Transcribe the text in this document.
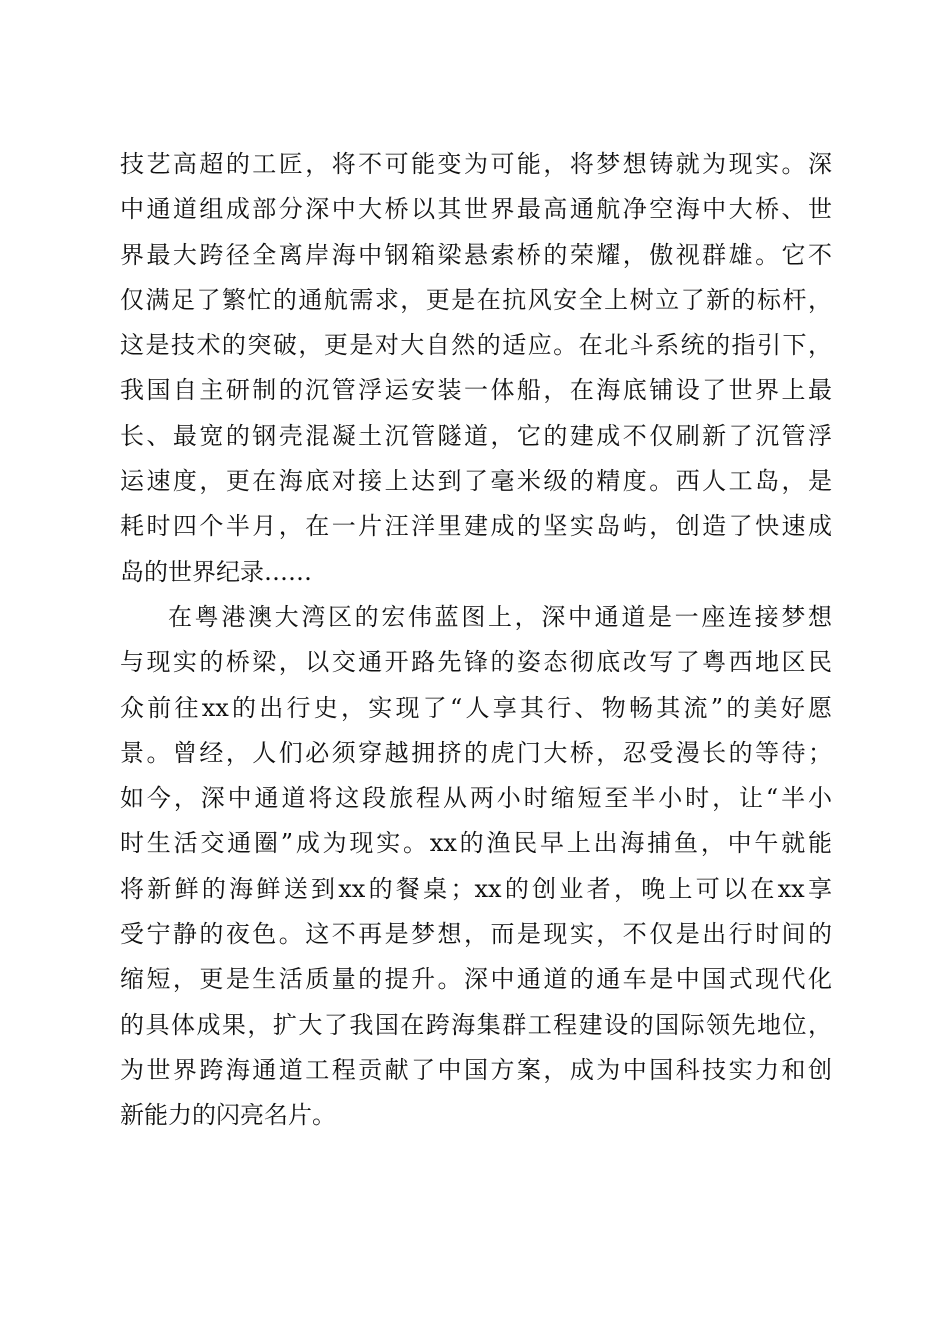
技艺高超的工匠，将不可能变为可能，将梦想铸就为现实。深
中通道组成部分深中大桥以其世界最高通航净空海中大桥、世
界最大跨径全离岸海中钢箱梁悬索桥的荣耀，傲视群雄。它不
仅满足了繁忙的通航需求，更是在抗风安全上树立了新的标杆，
这是技术的突破，更是对大自然的适应。在北斗系统的指引下，
我国自主研制的沉管浮运安装一体船，在海底铺设了世界上最
长、最宽的钢壳混凝土沉管隧道，它的建成不仅刷新了沉管浮
运速度，更在海底对接上达到了毫米级的精度。西人工岛，是
耗时四个半月，在一片汪洋里建成的坚实岛屿，创造了快速成
岛的世界纪录……
在粤港澳大湾区的宏伟蓝图上，深中通道是一座连接梦想
与现实的桥梁，以交通开路先锋的姿态彻底改写了粤西地区民
众前往xx的出行史，实现了“人享其行、物畅其流”的美好愿
景。曾经，人们必须穿越拥挤的虎门大桥，忍受漫长的等待；
如今，深中通道将这段旅程从两小时缩短至半小时，让“半小
时生活交通圈”成为现实。xx的渔民早上出海捕鱼，中午就能
将新鲜的海鲜送到xx的餐桌；xx的创业者，晚上可以在xx享
受宁静的夜色。这不再是梦想，而是现实，不仅是出行时间的
缩短，更是生活质量的提升。深中通道的通车是中国式现代化
的具体成果，扩大了我国在跨海集群工程建设的国际领先地位，
为世界跨海通道工程贡献了中国方案，成为中国科技实力和创
新能力的闪亮名片。
